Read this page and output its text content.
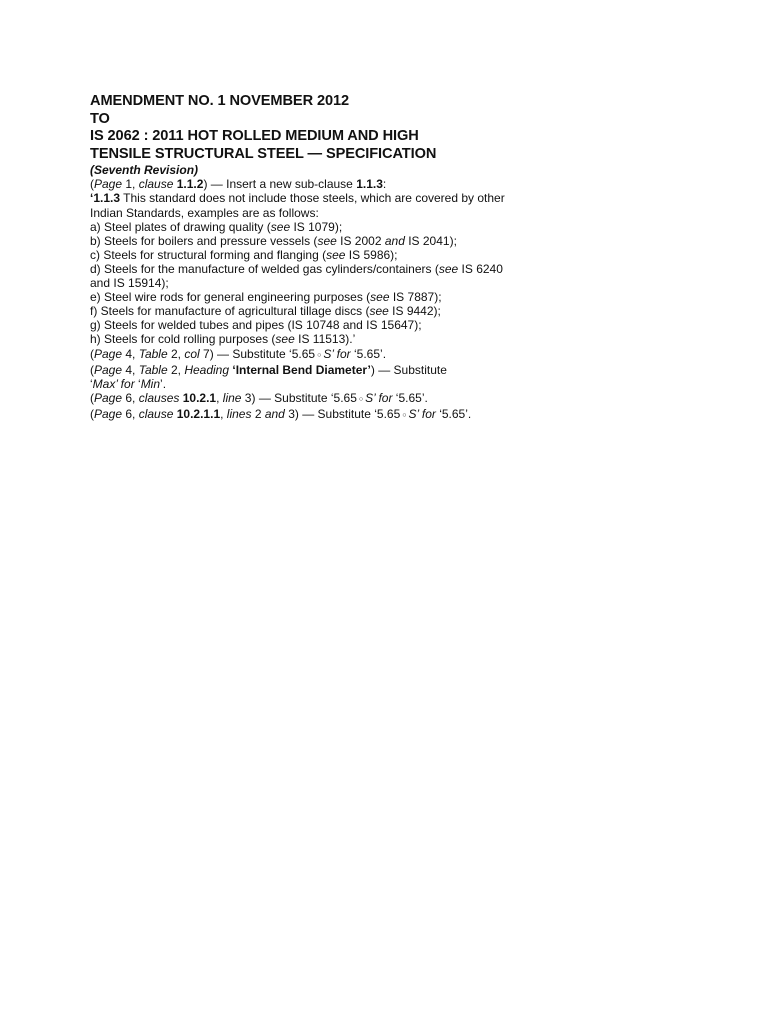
AMENDMENT NO. 1 NOVEMBER 2012

TO

IS 2062 : 2011 HOT ROLLED MEDIUM AND HIGH

TENSILE STRUCTURAL STEEL — SPECIFICATION

(Seventh Revision)

(Page 1, clause 1.1.2) — Insert a new sub-clause 1.1.3:

‘1.1.3 This standard does not include those steels, which are covered by other

Indian Standards, examples are as follows:

a) Steel plates of drawing quality (see IS 1079);

b) Steels for boilers and pressure vessels (see IS 2002 and IS 2041);

c) Steels for structural forming and flanging (see IS 5986);

d) Steels for the manufacture of welded gas cylinders/containers (see IS 6240

and IS 15914);

e) Steel wire rods for general engineering purposes (see IS 7887);

f) Steels for manufacture of agricultural tillage discs (see IS 9442);

g) Steels for welded tubes and pipes (IS 10748 and IS 15647);

h) Steels for cold rolling purposes (see IS 11513).’

(Page 4, Table 2, col 7) — Substitute ‘5.65 ○ S’ for ‘5.65’.

(Page 4, Table 2, Heading ‘Internal Bend Diameter’) — Substitute

‘Max’ for ‘Min’.

(Page 6, clauses 10.2.1, line 3) — Substitute ‘5.65 ○ S’ for ‘5.65’.

(Page 6, clause 10.2.1.1, lines 2 and 3) — Substitute ‘5.65 ○ S’ for ‘5.65’.
